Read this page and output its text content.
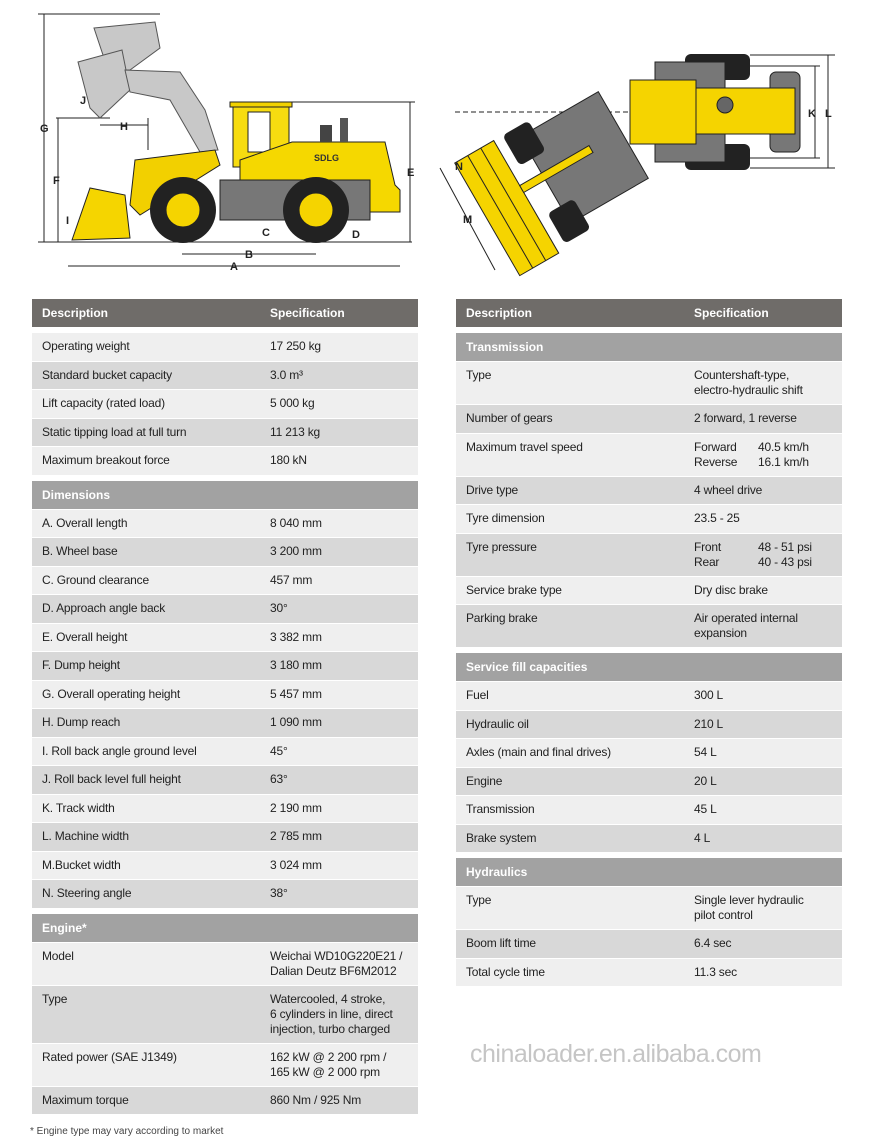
SDLG
G	H
J
F
I
C	D
E
B
A
N
M
K L
Description	Specification
Operating weight	17 250 kg
Standard bucket capacity	3.0 m³
Lift capacity (rated load)	5 000 kg
Static tipping load at full turn	11 213 kg
Maximum breakout force	180 kN
Dimensions
A. Overall length	8 040 mm
B. Wheel base	3 200 mm
C. Ground clearance	457 mm
D. Approach angle back	30°
E. Overall height	3 382 mm
F. Dump height	3 180 mm
G. Overall operating height	5 457 mm
H. Dump reach	1 090 mm
I. Roll back angle ground level	45°
J. Roll back level full height	63°
K. Track width	2 190 mm
L. Machine width	2 785 mm
M.Bucket width	3 024 mm
N. Steering angle	38°
Engine*
Model	Weichai WD10G220E21 /
Dalian Deutz BF6M2012
Type	Watercooled, 4 stroke,
6 cylinders in line, direct
injection, turbo charged
Rated power (SAE J1349)	162 kW @ 2 200 rpm /
165 kW @ 2 000 rpm
Maximum torque	860 Nm / 925 Nm
Description	Specification
Transmission
Type	Countershaft-type,
electro-hydraulic shift
Number of gears	2 forward, 1 reverse
Maximum travel speed	Forward	40.5 km/h
Reverse	16.1 km/h
Drive type	4 wheel drive
Tyre dimension	23.5 - 25
Tyre pressure	Front	48 - 51 psi
Rear	40 - 43 psi
Service brake type	Dry disc brake
Parking brake	Air operated internal
expansion
Service fill capacities
Fuel	300 L
Hydraulic oil	210 L
Axles (main and final drives)	54 L
Engine	20 L
Transmission	45 L
Brake system	4 L
Hydraulics
Type	Single lever hydraulic
pilot control
Boom lift time	6.4 sec
Total cycle time	11.3 sec
chinaloader.en.alibaba.com
* Engine type may vary according to market
